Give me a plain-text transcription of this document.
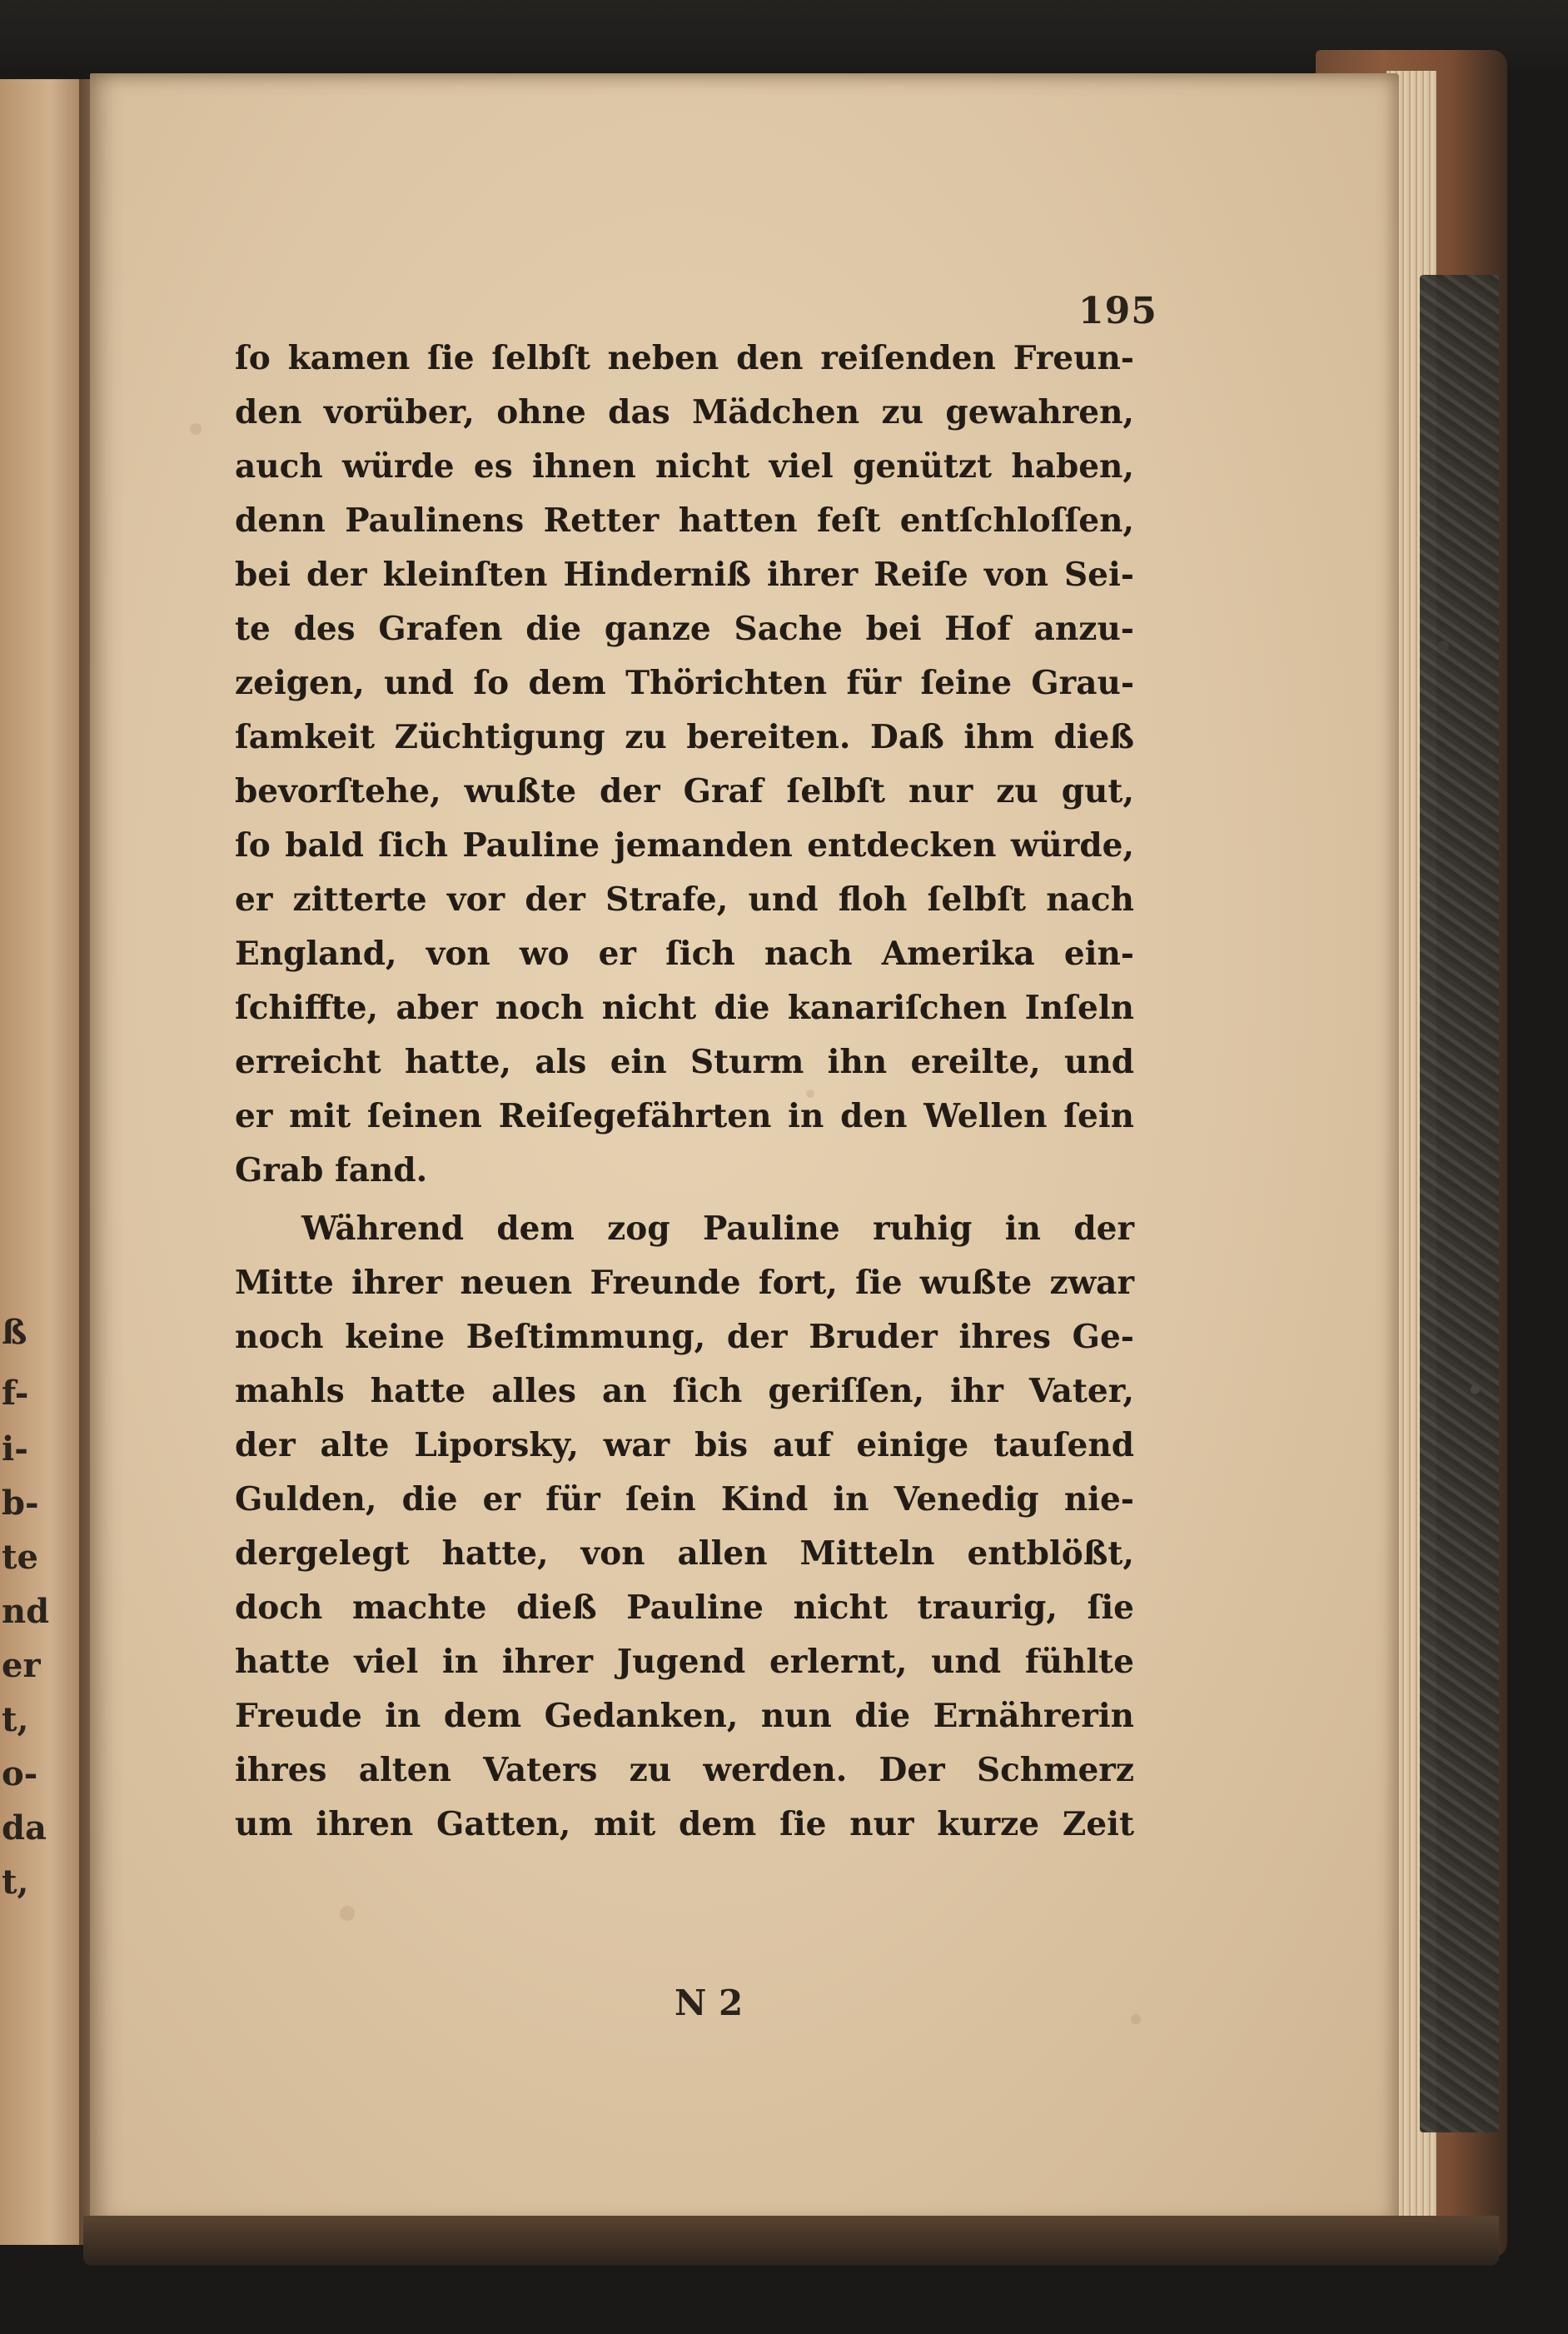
ß
f-
i-
b-
te
nd
er
t,
o-
da
t,
195
ſo kamen ſie ſelbſt neben den reiſenden Freun-
den vorüber, ohne das Mädchen zu gewahren,
auch würde es ihnen nicht viel genützt haben,
denn Paulinens Retter hatten feſt entſchloſſen,
bei der kleinſten Hinderniß ihrer Reiſe von Sei-
te des Grafen die ganze Sache bei Hof anzu-
zeigen, und ſo dem Thörichten für ſeine Grau-
ſamkeit Züchtigung zu bereiten. Daß ihm dieß
bevorſtehe, wußte der Graf ſelbſt nur zu gut,
ſo bald ſich Pauline jemanden entdecken würde,
er zitterte vor der Strafe, und floh ſelbſt nach
England, von wo er ſich nach Amerika ein-
ſchiffte, aber noch nicht die kanariſchen Inſeln
erreicht hatte, als ein Sturm ihn ereilte, und
er mit ſeinen Reiſegefährten in den Wellen ſein
Grab fand.
Während dem zog Pauline ruhig in der
Mitte ihrer neuen Freunde fort, ſie wußte zwar
noch keine Beſtimmung, der Bruder ihres Ge-
mahls hatte alles an ſich geriſſen, ihr Vater,
der alte Liporsky, war bis auf einige tauſend
Gulden, die er für ſein Kind in Venedig nie-
dergelegt hatte, von allen Mitteln entblößt,
doch machte dieß Pauline nicht traurig, ſie
hatte viel in ihrer Jugend erlernt, und fühlte
Freude in dem Gedanken, nun die Ernährerin
ihres alten Vaters zu werden. Der Schmerz
um ihren Gatten, mit dem ſie nur kurze Zeit
N 2
